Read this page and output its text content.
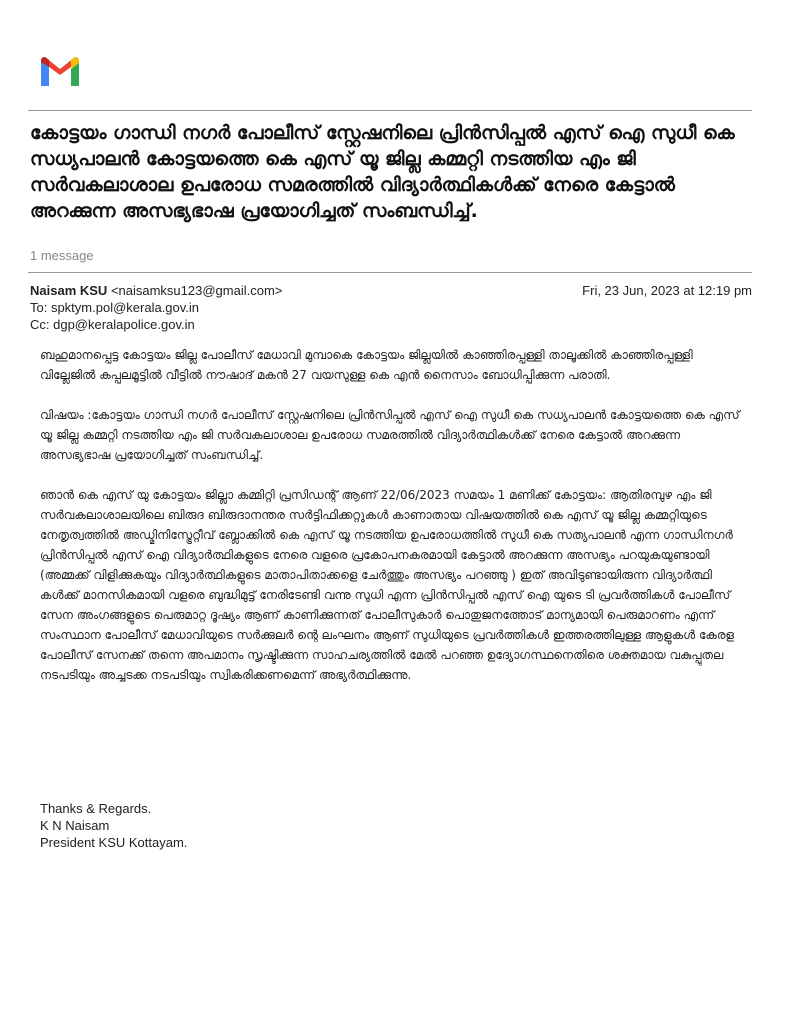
കോട്ടയം ഗാന്ധി നഗർ പോലീസ് സ്റ്റേഷനിലെ പ്രിൻസിപ്പൽ എസ് ഐ സുധീ കെ സധ്യപാലൻ കോട്ടയത്തെ കെ എസ് യൂ ജില്ല കമ്മറ്റി നടത്തിയ എം ജി സർവകലാശാല ഉപരോധ സമരത്തിൽ വിദ്യാർത്ഥികൾക്ക് നേരെ കേട്ടാൽ അറക്കുന്ന അസഭ്യഭാഷ പ്രയോഗിച്ചത് സംബന്ധിച്ച്.
1 message
Naisam KSU <naisamksu123@gmail.com>	Fri, 23 Jun, 2023 at 12:19 pm
To: spktym.pol@kerala.gov.in
Cc: dgp@keralapolice.gov.in

ബഹുമാനപ്പെട്ട കോട്ടയം ജില്ല പോലീസ് മേധാവി മുമ്പാകെ കോട്ടയം ജില്ലയിൽ കാഞ്ഞിരപ്പള്ളി താലൂക്കിൽ കാഞ്ഞിരപ്പള്ളി വില്ലേജിൽ കപ്പലമൂട്ടിൽ വീട്ടിൽ നൗഷാദ് മകൻ 27 വയസുള്ള കെ എൻ നൈസാം ബോധിപ്പിക്കുന്ന പരാതി.

വിഷയം :കോട്ടയം ഗാന്ധി നഗർ പോലീസ് സ്റ്റേഷനിലെ പ്രിൻസിപ്പൽ എസ് ഐ സുധീ കെ സധ്യപാലൻ കോട്ടയത്തെ കെ എസ് യൂ ജില്ല കമ്മറ്റി നടത്തിയ എം ജി സർവകലാശാല ഉപരോധ സമരത്തിൽ വിദ്യാർത്ഥികൾക്ക് നേരെ കേട്ടാൽ അറക്കുന്ന അസഭ്യഭാഷ പ്രയോഗിച്ചത് സംബന്ധിച്ച്.

ഞാൻ കെ എസ് യു കോട്ടയം ജില്ലാ കമ്മിറ്റി പ്രസിഡന്റ് ആണ് 22/06/2023 സമയം 1 മണിക്ക് കോട്ടയം: ആതിരമ്പുഴ എം ജി സർവകലാശാലയിലെ ബിരുദ ബിരുദാനന്തര സർട്ടിഫിക്കറ്റുകൾ കാണാതായ വിഷയത്തിൽ കെ എസ് യൂ ജില്ല കമ്മറ്റിയുടെ നേതൃത്വത്തിൽ അഡ്മിനിസ്ട്രേറ്റീവ് ബ്ലോക്കിൽ കെ എസ് യൂ നടത്തിയ ഉപരോധത്തിൽ സുധീ കെ സത്യപാലൻ എന്ന ഗാന്ധിനഗർ പ്രിൻസിപ്പൽ എസ് ഐ വിദ്യാർത്ഥികളുടെ നേരെ വളരെ പ്രകോപനകരമായി കേട്ടാൽ അറക്കുന്ന അസഭ്യം പറയുകയുണ്ടായി (അമ്മക്ക് വിളിക്കുകയും വിദ്യാർത്ഥികളുടെ മാതാപിതാക്കളെ ചേർത്തും അസഭ്യം പറഞ്ഞു ) ഇത് അവിടുണ്ടായിരുന്ന വിദ്യാർത്ഥി കൾക്ക് മാനസികമായി വളരെ ബുദ്ധിമുട്ട് നേരിടേണ്ടി വന്നു സുധി എന്ന പ്രിൻസിപ്പൽ എസ് ഐ യുടെ ടി പ്രവർത്തികൾ പോലീസ് സേന അംഗങ്ങളുടെ പെരുമാറ്റ ദൂഷ്യം ആണ് കാണിക്കുന്നത് പോലീസുകാർ പൊതുജനത്തോട് മാന്യമായി പെരുമാറണം എന്ന് സംസ്ഥാന പോലീസ് മേധാവിയുടെ സർക്കുലർ ന്റെ ലംഘനം ആണ് സുധിയുടെ പ്രവർത്തികൾ ഇത്തരത്തിലുള്ള ആളുകൾ കേരള പോലീസ് സേനക്ക് തന്നെ അപമാനം സൃഷ്ടിക്കുന്ന സാഹചര്യത്തിൽ മേൽ പറഞ്ഞ ഉദ്യോഗസ്ഥനെതിരെ ശക്തമായ വകുപ്പുതല നടപടിയും അച്ചടക്ക നടപടിയും സ്വികരിക്കണമെന്ന് അഭ്യർത്ഥിക്കുന്നു.

Thanks & Regards.
K N Naisam
President KSU Kottayam.
